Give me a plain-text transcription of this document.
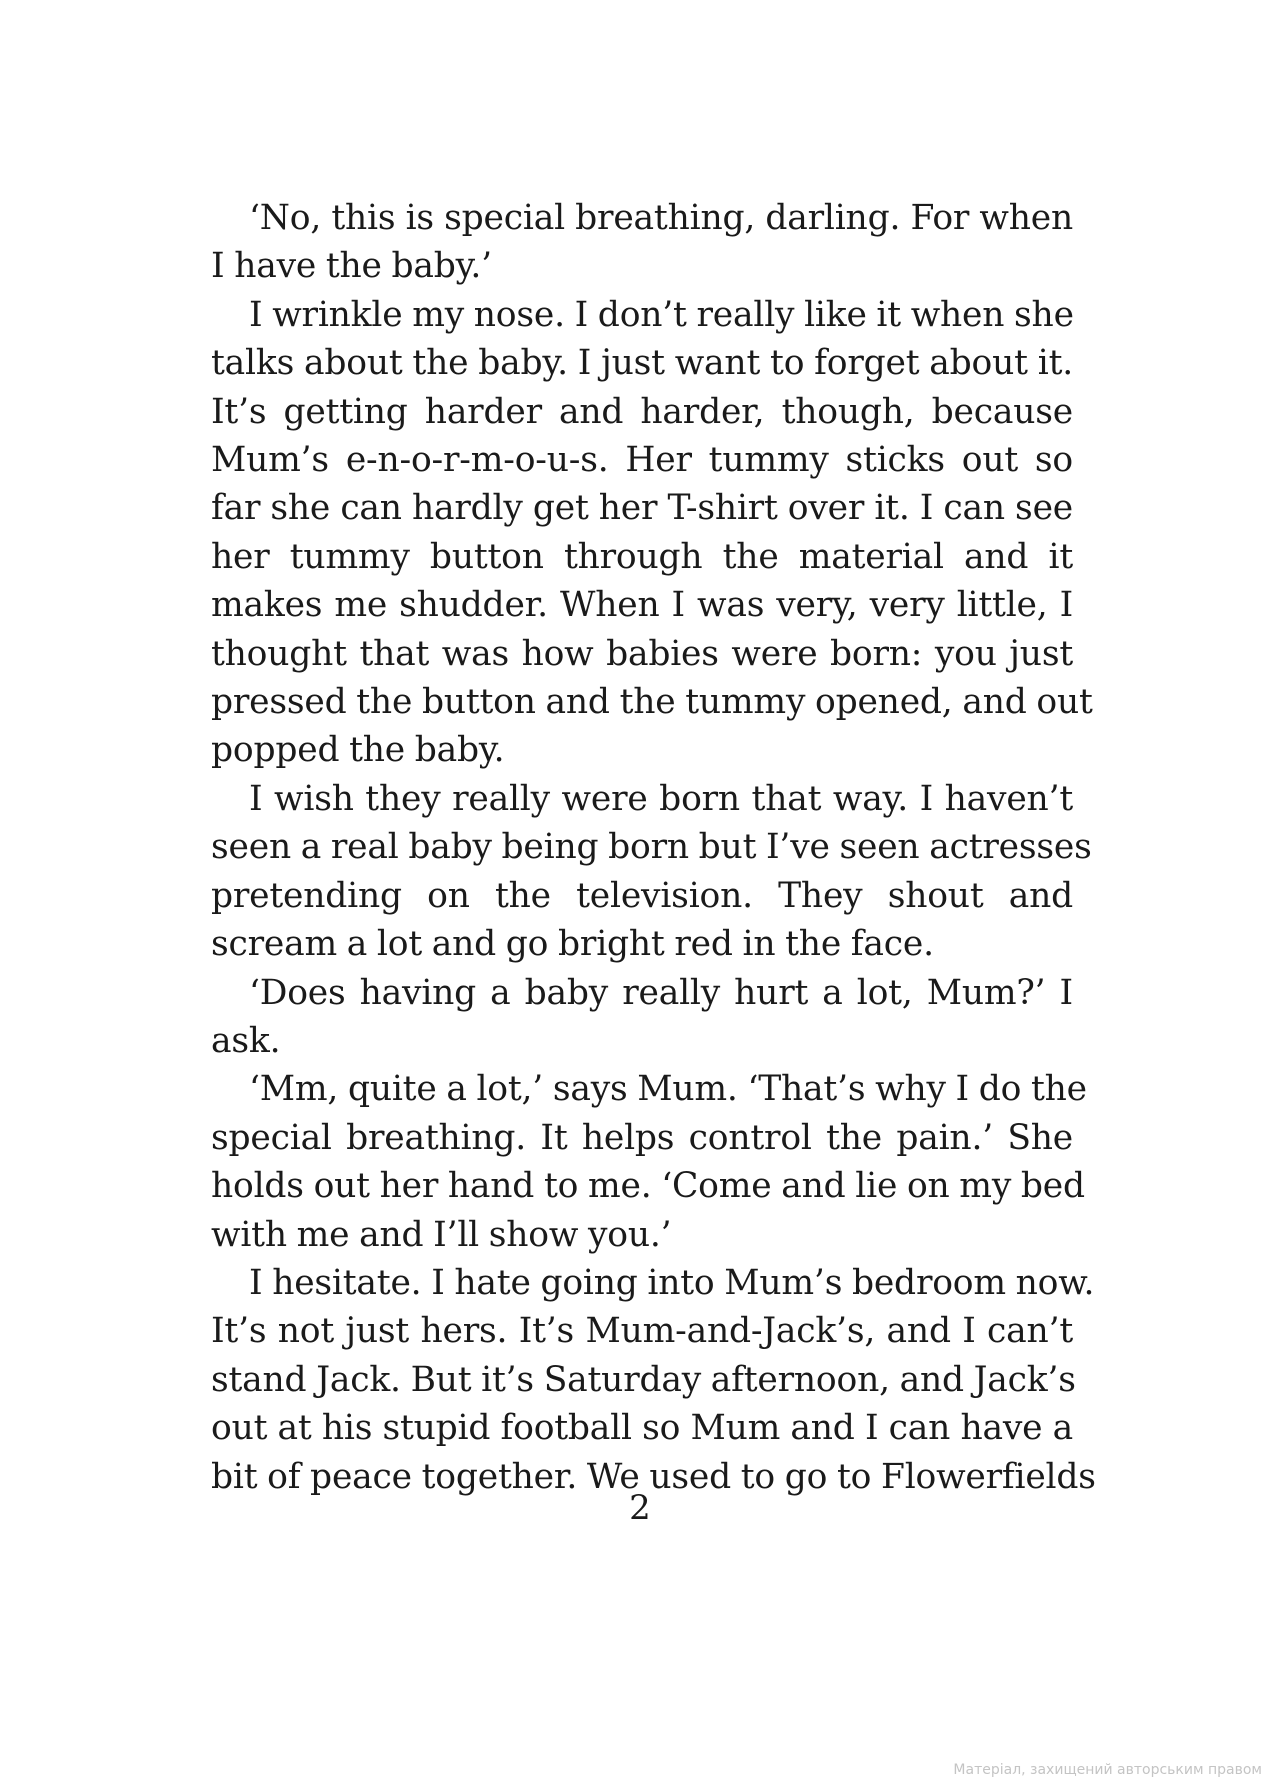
‘No, this is special breathing, darling. For when
I have the baby.’
I wrinkle my nose. I don’t really like it when she
talks about the baby. I just want to forget about it.
It’s getting harder and harder, though, because
Mum’s e-n-o-r-m-o-u-s. Her tummy sticks out so
far she can hardly get her T-shirt over it. I can see
her tummy button through the material and it
makes me shudder. When I was very, very little, I
thought that was how babies were born: you just
pressed the button and the tummy opened, and out
popped the baby.
I wish they really were born that way. I haven’t
seen a real baby being born but I’ve seen actresses
pretending on the television. They shout and
scream a lot and go bright red in the face.
‘Does having a baby really hurt a lot, Mum?’ I
ask.
‘Mm, quite a lot,’ says Mum. ‘That’s why I do the
special breathing. It helps control the pain.’ She
holds out her hand to me. ‘Come and lie on my bed
with me and I’ll show you.’
I hesitate. I hate going into Mum’s bedroom now.
It’s not just hers. It’s Mum-and-Jack’s, and I can’t
stand Jack. But it’s Saturday afternoon, and Jack’s
out at his stupid football so Mum and I can have a
bit of peace together. We used to go to Flowerfields
2
Матеріал, захищений авторським правом
